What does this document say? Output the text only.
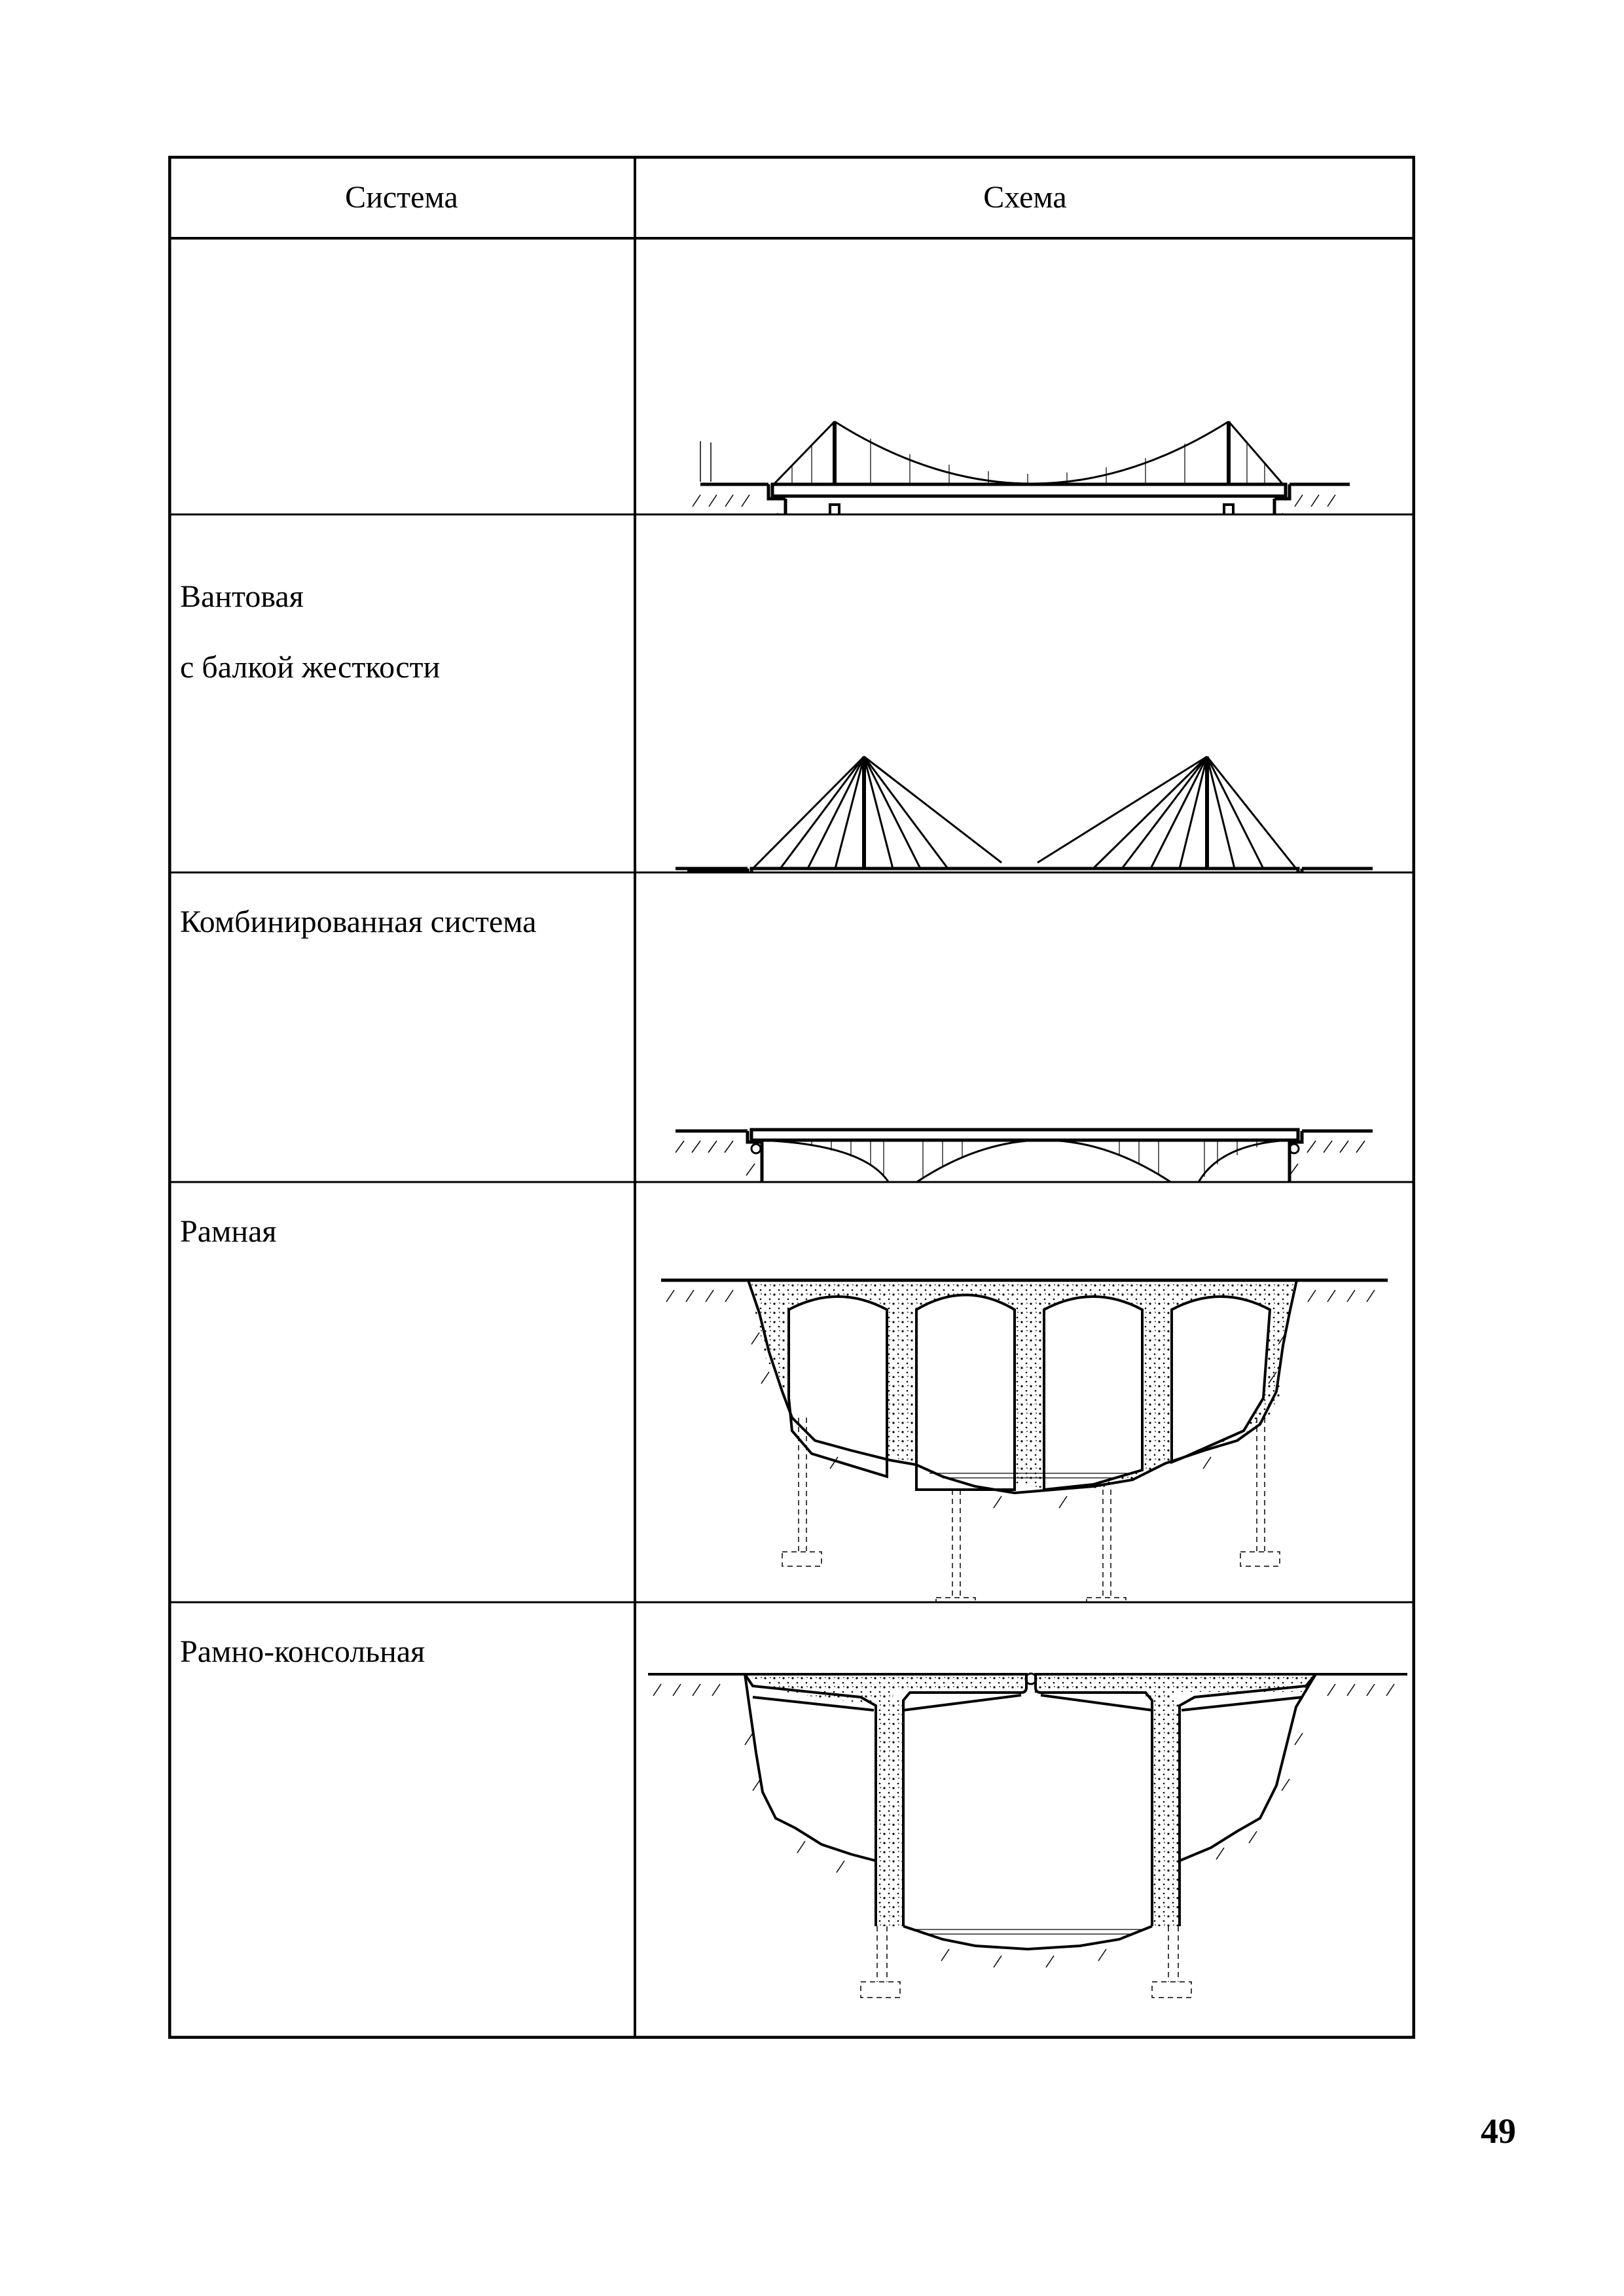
Система	Схема
Вантовая
с балкой жесткости
Комбинированная система
Рамная
Рамно-консольная
49
